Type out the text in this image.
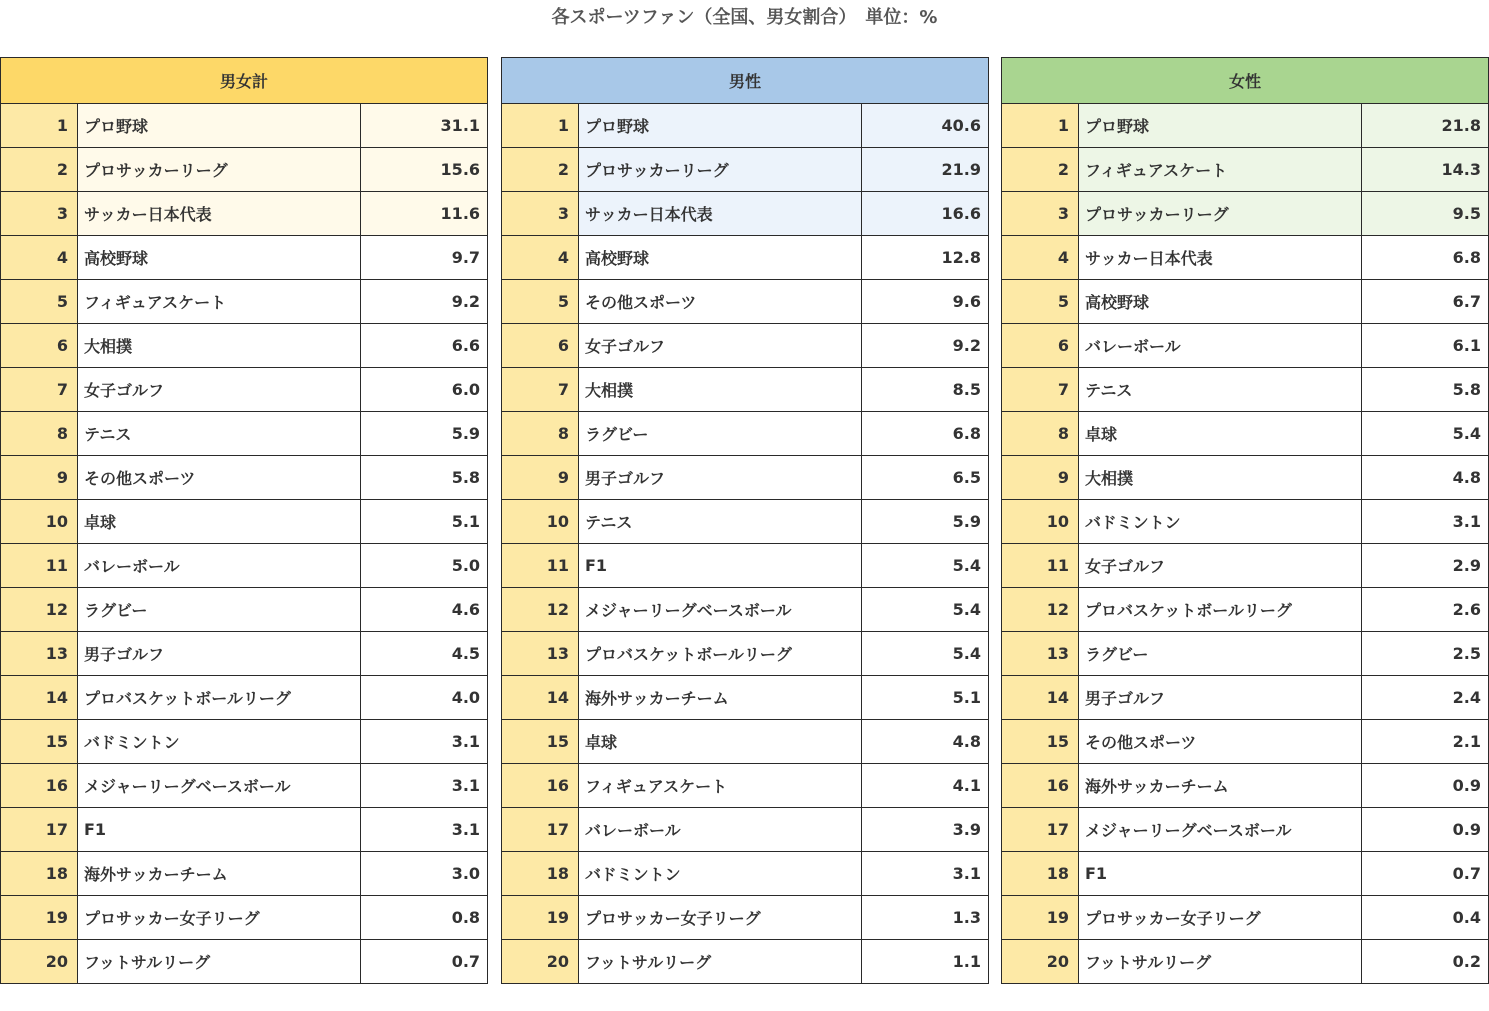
各スポーツファン（全国、男女割合）　単位：%
男女計		
1	プロ野球	31.1
2	プロサッカーリーグ	15.6
3	サッカー日本代表	11.6
4	高校野球	9.7
5	フィギュアスケート	9.2
6	大相撲	6.6
7	女子ゴルフ	6.0
8	テニス	5.9
9	その他スポーツ	5.8
10	卓球	5.1
11	バレーボール	5.0
12	ラグビー	4.6
13	男子ゴルフ	4.5
14	プロバスケットボールリーグ	4.0
15	バドミントン	3.1
16	メジャーリーグベースボール	3.1
17	F1	3.1
18	海外サッカーチーム	3.0
19	プロサッカー女子リーグ	0.8
20	フットサルリーグ	0.7
男性		
1	プロ野球	40.6
2	プロサッカーリーグ	21.9
3	サッカー日本代表	16.6
4	高校野球	12.8
5	その他スポーツ	9.6
6	女子ゴルフ	9.2
7	大相撲	8.5
8	ラグビー	6.8
9	男子ゴルフ	6.5
10	テニス	5.9
11	F1	5.4
12	メジャーリーグベースボール	5.4
13	プロバスケットボールリーグ	5.4
14	海外サッカーチーム	5.1
15	卓球	4.8
16	フィギュアスケート	4.1
17	バレーボール	3.9
18	バドミントン	3.1
19	プロサッカー女子リーグ	1.3
20	フットサルリーグ	1.1
女性		
1	プロ野球	21.8
2	フィギュアスケート	14.3
3	プロサッカーリーグ	9.5
4	サッカー日本代表	6.8
5	高校野球	6.7
6	バレーボール	6.1
7	テニス	5.8
8	卓球	5.4
9	大相撲	4.8
10	バドミントン	3.1
11	女子ゴルフ	2.9
12	プロバスケットボールリーグ	2.6
13	ラグビー	2.5
14	男子ゴルフ	2.4
15	その他スポーツ	2.1
16	海外サッカーチーム	0.9
17	メジャーリーグベースボール	0.9
18	F1	0.7
19	プロサッカー女子リーグ	0.4
20	フットサルリーグ	0.2
